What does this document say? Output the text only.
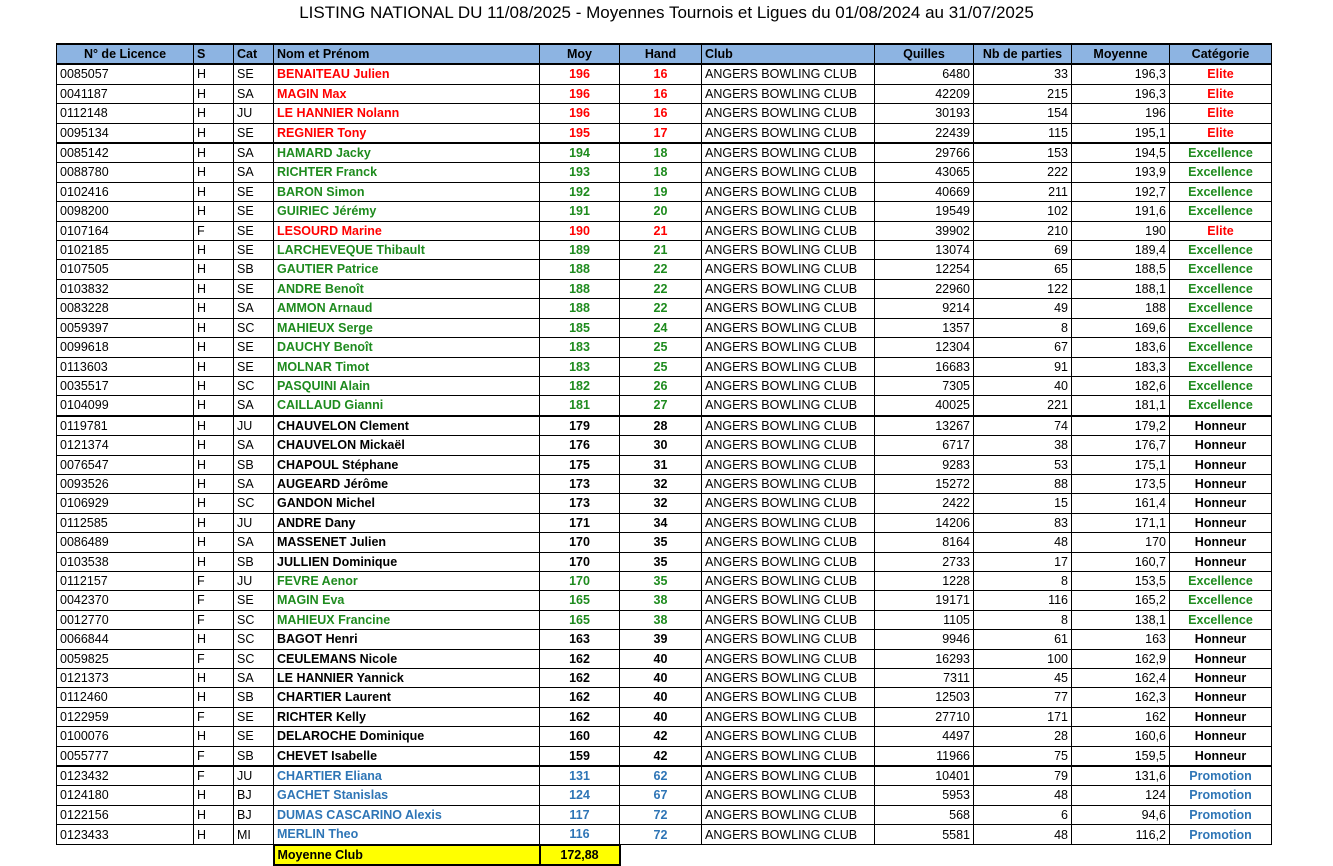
LISTING NATIONAL DU 11/08/2025 - Moyennes Tournois et Ligues du 01/08/2024 au 31/07/2025
N° de Licence	S	Cat	Nom et Prénom	Moy	Hand	Club	Quilles	Nb de parties	Moyenne	Catégorie
0085057	H	SE	BENAITEAU Julien	196	16	ANGERS BOWLING CLUB	6480	33	196,3	Elite
0041187	H	SA	MAGIN Max	196	16	ANGERS BOWLING CLUB	42209	215	196,3	Elite
0112148	H	JU	LE HANNIER Nolann	196	16	ANGERS BOWLING CLUB	30193	154	196	Elite
0095134	H	SE	REGNIER Tony	195	17	ANGERS BOWLING CLUB	22439	115	195,1	Elite
0085142	H	SA	HAMARD Jacky	194	18	ANGERS BOWLING CLUB	29766	153	194,5	Excellence
0088780	H	SA	RICHTER Franck	193	18	ANGERS BOWLING CLUB	43065	222	193,9	Excellence
0102416	H	SE	BARON Simon	192	19	ANGERS BOWLING CLUB	40669	211	192,7	Excellence
0098200	H	SE	GUIRIEC Jérémy	191	20	ANGERS BOWLING CLUB	19549	102	191,6	Excellence
0107164	F	SE	LESOURD Marine	190	21	ANGERS BOWLING CLUB	39902	210	190	Elite
0102185	H	SE	LARCHEVEQUE Thibault	189	21	ANGERS BOWLING CLUB	13074	69	189,4	Excellence
0107505	H	SB	GAUTIER Patrice	188	22	ANGERS BOWLING CLUB	12254	65	188,5	Excellence
0103832	H	SE	ANDRE Benoît	188	22	ANGERS BOWLING CLUB	22960	122	188,1	Excellence
0083228	H	SA	AMMON Arnaud	188	22	ANGERS BOWLING CLUB	9214	49	188	Excellence
0059397	H	SC	MAHIEUX Serge	185	24	ANGERS BOWLING CLUB	1357	8	169,6	Excellence
0099618	H	SE	DAUCHY Benoît	183	25	ANGERS BOWLING CLUB	12304	67	183,6	Excellence
0113603	H	SE	MOLNAR Timot	183	25	ANGERS BOWLING CLUB	16683	91	183,3	Excellence
0035517	H	SC	PASQUINI Alain	182	26	ANGERS BOWLING CLUB	7305	40	182,6	Excellence
0104099	H	SA	CAILLAUD Gianni	181	27	ANGERS BOWLING CLUB	40025	221	181,1	Excellence
0119781	H	JU	CHAUVELON Clement	179	28	ANGERS BOWLING CLUB	13267	74	179,2	Honneur
0121374	H	SA	CHAUVELON Mickaël	176	30	ANGERS BOWLING CLUB	6717	38	176,7	Honneur
0076547	H	SB	CHAPOUL Stéphane	175	31	ANGERS BOWLING CLUB	9283	53	175,1	Honneur
0093526	H	SA	AUGEARD Jérôme	173	32	ANGERS BOWLING CLUB	15272	88	173,5	Honneur
0106929	H	SC	GANDON Michel	173	32	ANGERS BOWLING CLUB	2422	15	161,4	Honneur
0112585	H	JU	ANDRE Dany	171	34	ANGERS BOWLING CLUB	14206	83	171,1	Honneur
0086489	H	SA	MASSENET Julien	170	35	ANGERS BOWLING CLUB	8164	48	170	Honneur
0103538	H	SB	JULLIEN Dominique	170	35	ANGERS BOWLING CLUB	2733	17	160,7	Honneur
0112157	F	JU	FEVRE Aenor	170	35	ANGERS BOWLING CLUB	1228	8	153,5	Excellence
0042370	F	SE	MAGIN Eva	165	38	ANGERS BOWLING CLUB	19171	116	165,2	Excellence
0012770	F	SC	MAHIEUX Francine	165	38	ANGERS BOWLING CLUB	1105	8	138,1	Excellence
0066844	H	SC	BAGOT Henri	163	39	ANGERS BOWLING CLUB	9946	61	163	Honneur
0059825	F	SC	CEULEMANS Nicole	162	40	ANGERS BOWLING CLUB	16293	100	162,9	Honneur
0121373	H	SA	LE HANNIER Yannick	162	40	ANGERS BOWLING CLUB	7311	45	162,4	Honneur
0112460	H	SB	CHARTIER Laurent	162	40	ANGERS BOWLING CLUB	12503	77	162,3	Honneur
0122959	F	SE	RICHTER Kelly	162	40	ANGERS BOWLING CLUB	27710	171	162	Honneur
0100076	H	SE	DELAROCHE Dominique	160	42	ANGERS BOWLING CLUB	4497	28	160,6	Honneur
0055777	F	SB	CHEVET Isabelle	159	42	ANGERS BOWLING CLUB	11966	75	159,5	Honneur
0123432	F	JU	CHARTIER Eliana	131	62	ANGERS BOWLING CLUB	10401	79	131,6	Promotion
0124180	H	BJ	GACHET Stanislas	124	67	ANGERS BOWLING CLUB	5953	48	124	Promotion
0122156	H	BJ	DUMAS CASCARINO Alexis	117	72	ANGERS BOWLING CLUB	568	6	94,6	Promotion
0123433	H	MI	MERLIN Theo	116	72	ANGERS BOWLING CLUB	5581	48	116,2	Promotion
			Moyenne Club	172,88						
